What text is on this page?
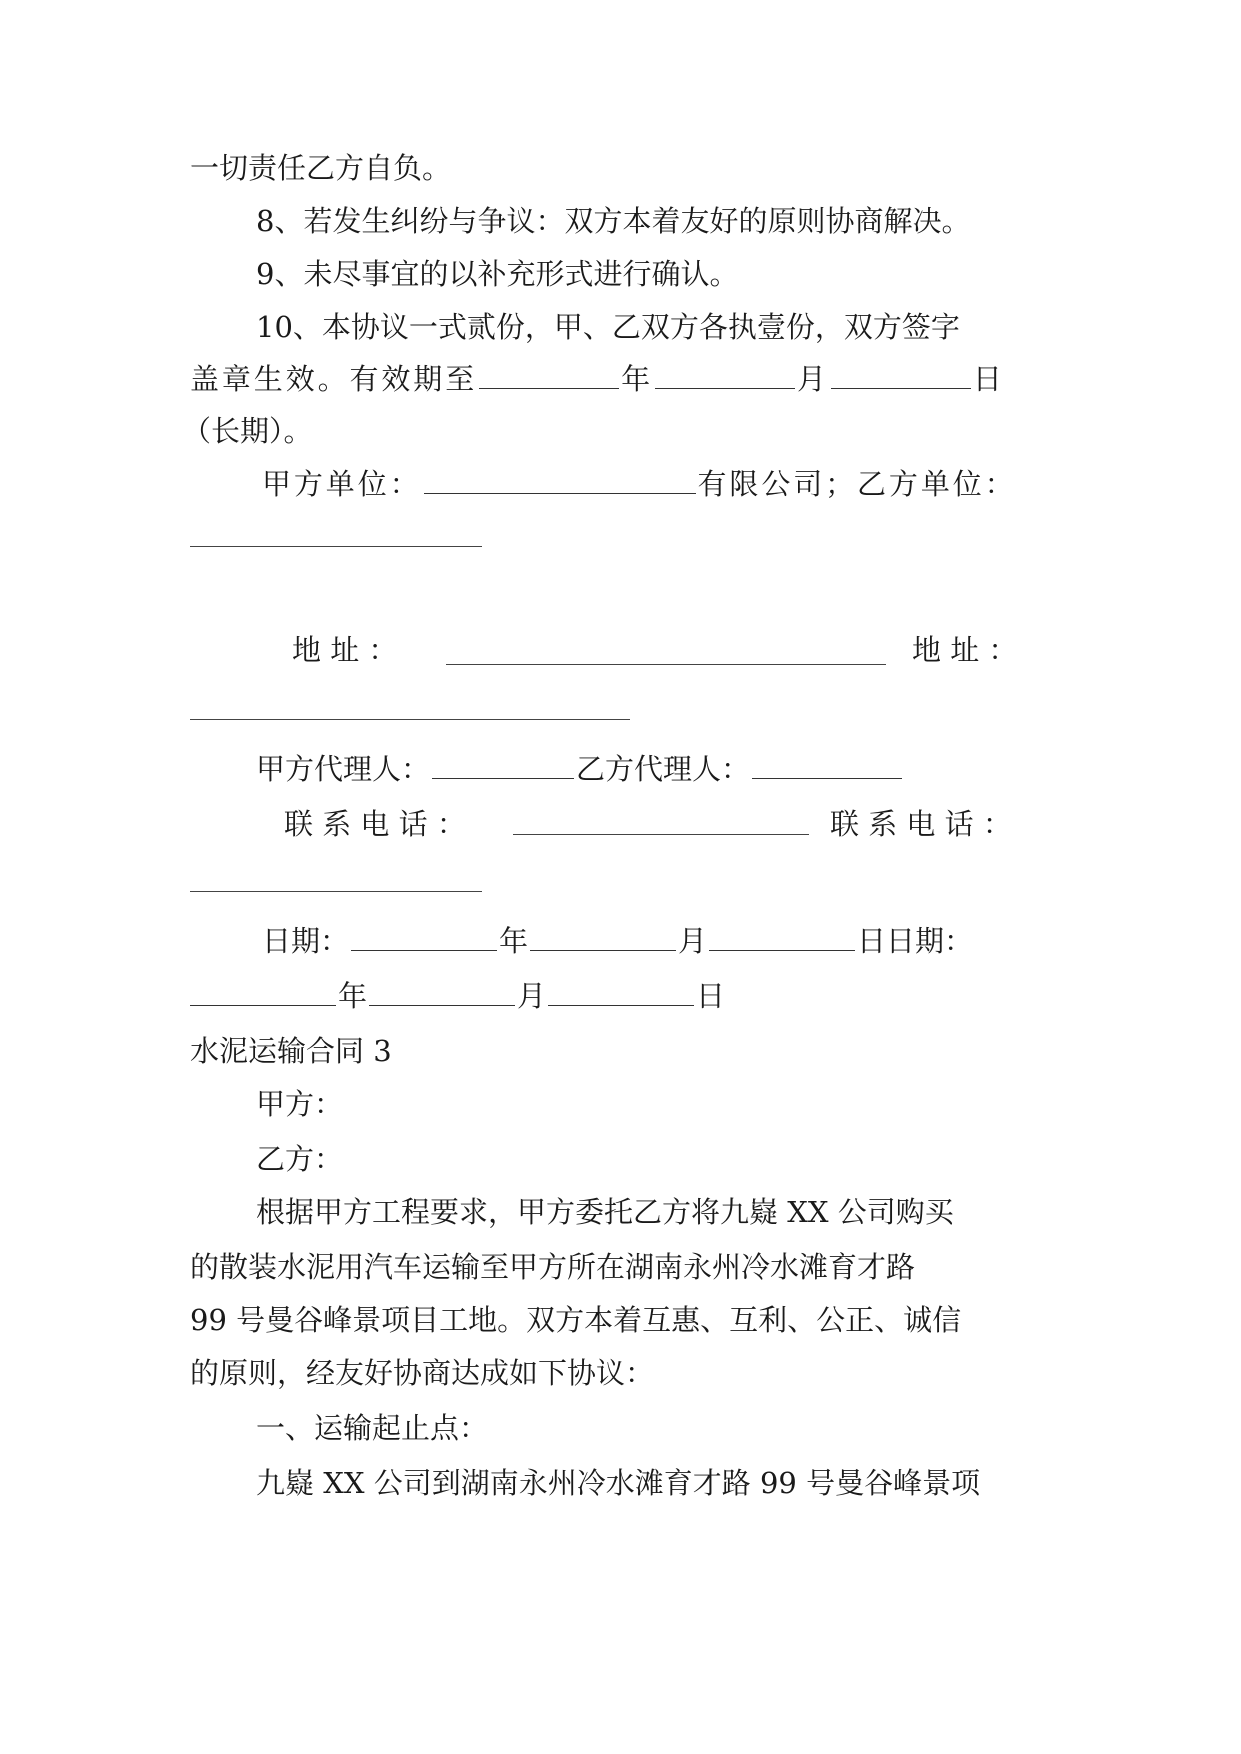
一切责任乙方自负。
8、若发生纠纷与争议：双方本着友好的原则协商解决。
9、未尽事宜的以补充形式进行确认。
10、本协议一式贰份，甲、乙双方各执壹份，双方签字
盖章生效。有效期至	年	月	日
（长期）。
甲方单位：	有限公司；乙方单位：
地 址 ：	地 址 ：
甲方代理人：	乙方代理人：
联 系 电 话 ：	联 系 电 话 ：
日期：	年	月	日日期：
年	月	日
水泥运输合同 3
甲方：
乙方：
根据甲方工程要求，甲方委托乙方将九嶷 XX 公司购买
的散装水泥用汽车运输至甲方所在湖南永州冷水滩育才路
99 号曼谷峰景项目工地。双方本着互惠、互利、公正、诚信
的原则，经友好协商达成如下协议：
一、运输起止点：
九嶷 XX 公司到湖南永州冷水滩育才路 99 号曼谷峰景项
